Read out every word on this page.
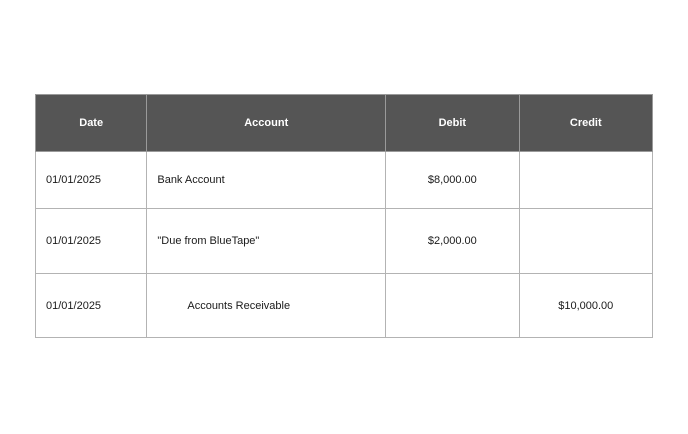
Date	Account	Debit	Credit
01/01/2025	Bank Account	$8,000.00	
01/01/2025	"Due from BlueTape"	$2,000.00	
01/01/2025	Accounts Receivable		$10,000.00
